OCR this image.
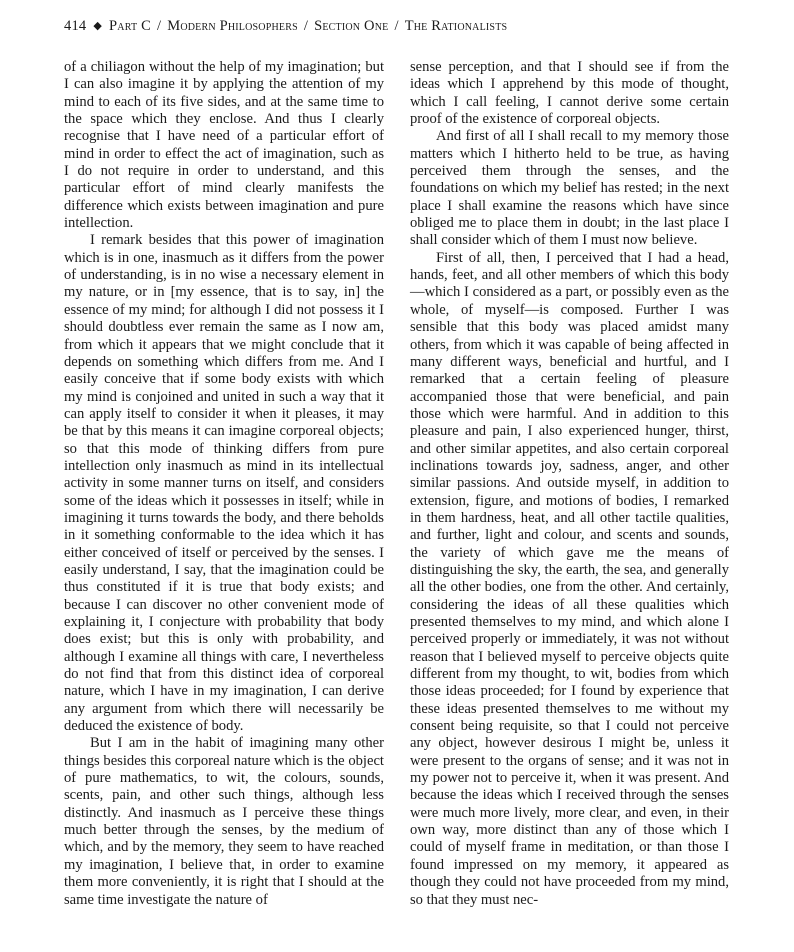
414 ◆ Part C / Modern Philosophers / Section One / The Rationalists

of a chiliagon without the help of my imagination; but I can also imagine it by applying the attention of my mind to each of its five sides, and at the same time to the space which they enclose. And thus I clearly recognise that I have need of a particular effort of mind in order to effect the act of imagination, such as I do not require in order to understand, and this particular effort of mind clearly manifests the difference which exists between imagination and pure intellection.

I remark besides that this power of imagination which is in one, inasmuch as it differs from the power of understanding, is in no wise a necessary element in my nature, or in [my essence, that is to say, in] the essence of my mind; for although I did not possess it I should doubtless ever remain the same as I now am, from which it appears that we might conclude that it depends on something which differs from me. And I easily conceive that if some body exists with which my mind is conjoined and united in such a way that it can apply itself to consider it when it pleases, it may be that by this means it can imagine corporeal objects; so that this mode of thinking differs from pure intellection only inasmuch as mind in its intellectual activity in some manner turns on itself, and considers some of the ideas which it possesses in itself; while in imagining it turns towards the body, and there beholds in it something conformable to the idea which it has either conceived of itself or perceived by the senses. I easily understand, I say, that the imagination could be thus constituted if it is true that body exists; and because I can discover no other convenient mode of explaining it, I conjecture with probability that body does exist; but this is only with probability, and although I examine all things with care, I nevertheless do not find that from this distinct idea of corporeal nature, which I have in my imagination, I can derive any argument from which there will necessarily be deduced the existence of body.

But I am in the habit of imagining many other things besides this corporeal nature which is the object of pure mathematics, to wit, the colours, sounds, scents, pain, and other such things, although less distinctly. And inasmuch as I perceive these things much better through the senses, by the medium of which, and by the memory, they seem to have reached my imagination, I believe that, in order to examine them more conveniently, it is right that I should at the same time investigate the nature of

sense perception, and that I should see if from the ideas which I apprehend by this mode of thought, which I call feeling, I cannot derive some certain proof of the existence of corporeal objects.

And first of all I shall recall to my memory those matters which I hitherto held to be true, as having perceived them through the senses, and the foundations on which my belief has rested; in the next place I shall examine the reasons which have since obliged me to place them in doubt; in the last place I shall consider which of them I must now believe.

First of all, then, I perceived that I had a head, hands, feet, and all other members of which this body—which I considered as a part, or possibly even as the whole, of myself—is composed. Further I was sensible that this body was placed amidst many others, from which it was capable of being affected in many different ways, beneficial and hurtful, and I remarked that a certain feeling of pleasure accompanied those that were beneficial, and pain those which were harmful. And in addition to this pleasure and pain, I also experienced hunger, thirst, and other similar appetites, and also certain corporeal inclinations towards joy, sadness, anger, and other similar passions. And outside myself, in addition to extension, figure, and motions of bodies, I remarked in them hardness, heat, and all other tactile qualities, and further, light and colour, and scents and sounds, the variety of which gave me the means of distinguishing the sky, the earth, the sea, and generally all the other bodies, one from the other. And certainly, considering the ideas of all these qualities which presented themselves to my mind, and which alone I perceived properly or immediately, it was not without reason that I believed myself to perceive objects quite different from my thought, to wit, bodies from which those ideas proceeded; for I found by experience that these ideas presented themselves to me without my consent being requisite, so that I could not perceive any object, however desirous I might be, unless it were present to the organs of sense; and it was not in my power not to perceive it, when it was present. And because the ideas which I received through the senses were much more lively, more clear, and even, in their own way, more distinct than any of those which I could of myself frame in meditation, or than those I found impressed on my memory, it appeared as though they could not have proceeded from my mind, so that they must nec-
